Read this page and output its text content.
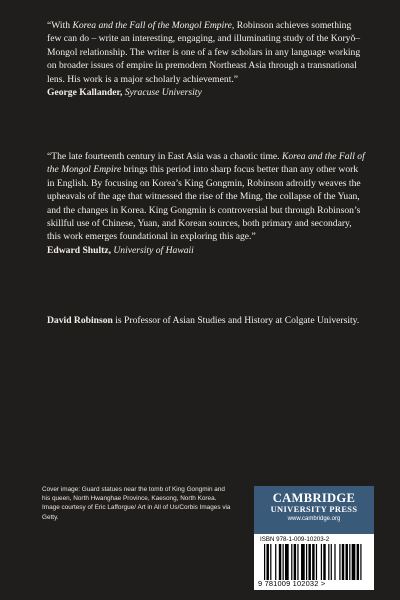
“With Korea and the Fall of the Mongol Empire, Robinson achieves something few can do – write an interesting, engaging, and illuminating study of the Koryŏ–Mongol relationship. The writer is one of a few scholars in any language working on broader issues of empire in premodern Northeast Asia through a transnational lens. His work is a major scholarly achievement.”

George Kallander, Syracuse University

“The late fourteenth century in East Asia was a chaotic time. Korea and the Fall of the Mongol Empire brings this period into sharp focus better than any other work in English. By focusing on Korea’s King Gongmin, Robinson adroitly weaves the upheavals of the age that witnessed the rise of the Ming, the collapse of the Yuan, and the changes in Korea. King Gongmin is controversial but through Robinson’s skillful use of Chinese, Yuan, and Korean sources, both primary and secondary, this work emerges foundational in exploring this age.”

Edward Shultz, University of Hawaii

David Robinson is Professor of Asian Studies and History at Colgate University.

Cover image: Guard statues near the tomb of King Gongmin and his queen, North Hwanghae Province, Kaesong, North Korea. Image courtesy of Eric Lafforgue/ Art in All of Us/Corbis Images via Getty.
CAMBRIDGE
UNIVERSITY PRESS
www.cambridge.org
ISBN 978-1-009-10203-2
9 781009 102032 >
